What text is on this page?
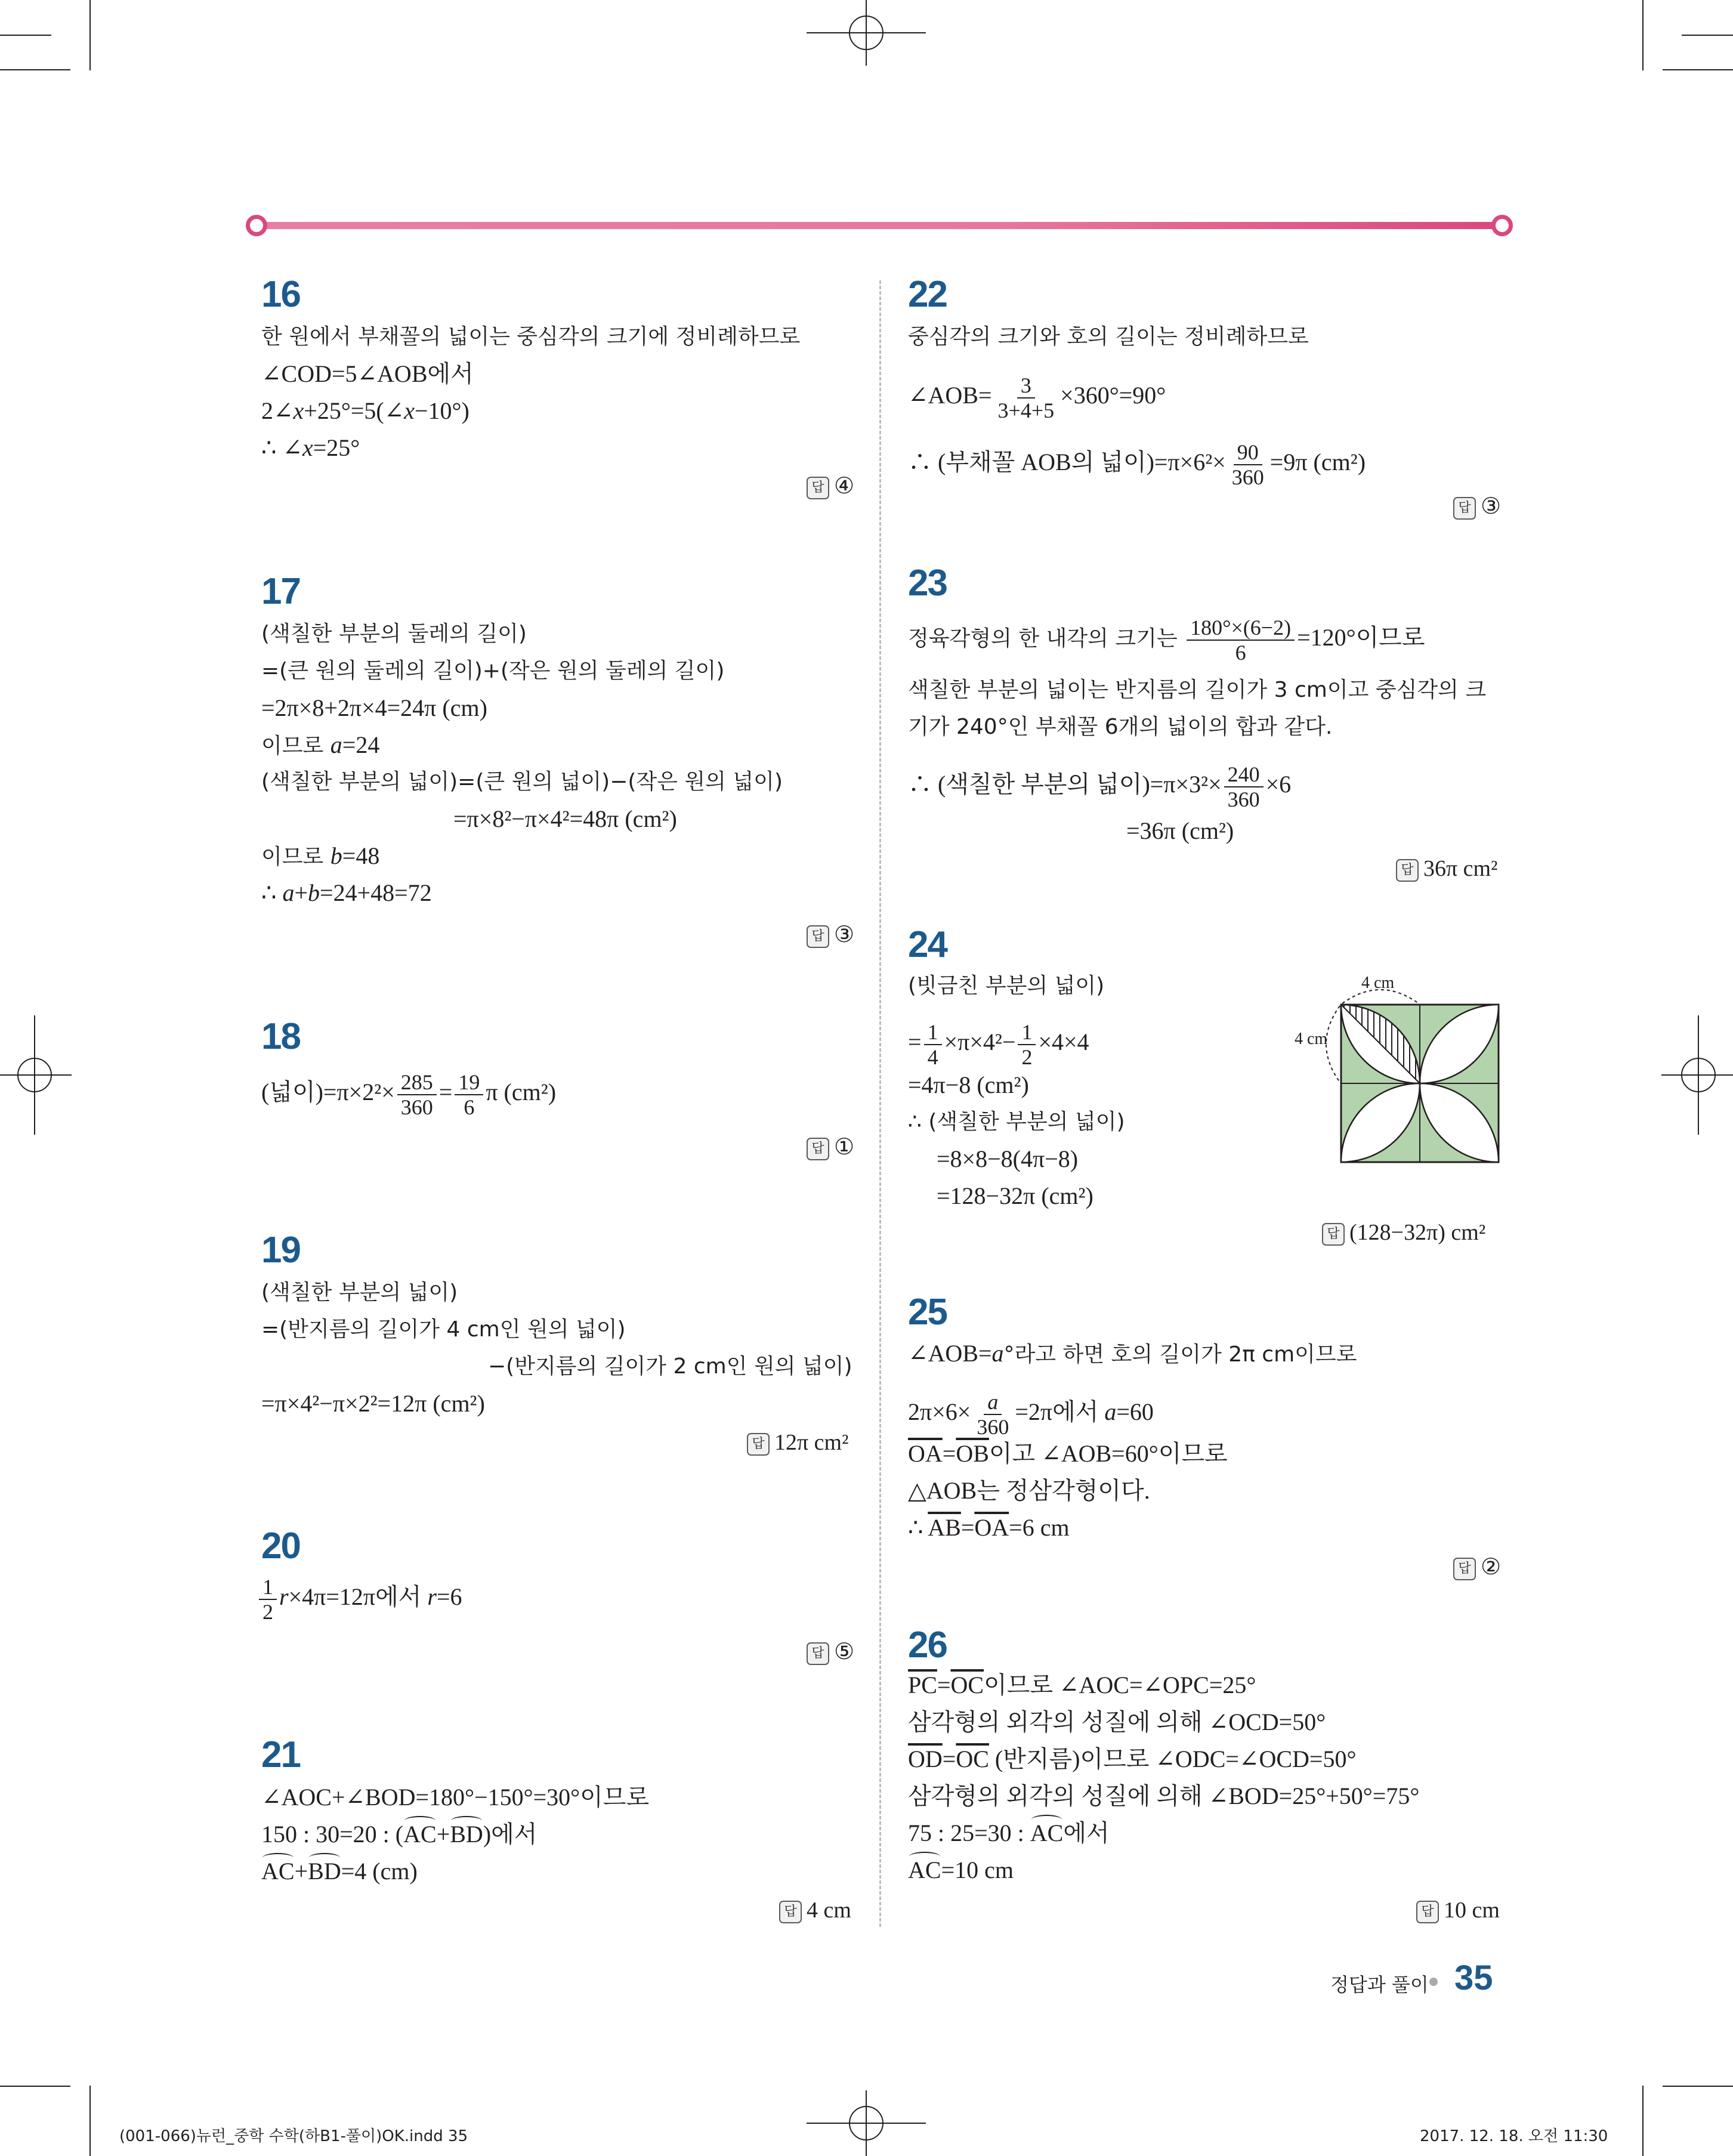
16
한 원에서 부채꼴의 넓이는 중심각의 크기에 정비례하므로
∠COD=5∠AOB에서
2∠x+25°=5(∠x−10°)
∴ ∠x=25°
답 ④
17
(색칠한 부분의 둘레의 길이)
=(큰 원의 둘레의 길이)+(작은 원의 둘레의 길이)
=2π×8+2π×4=24π (cm)
이므로 a=24
(색칠한 부분의 넓이)=(큰 원의 넓이)−(작은 원의 넓이)
=π×8²−π×4²=48π (cm²)
이므로 b=48
∴ a+b=24+48=72
답 ③
18
(넓이)$=\pi\times 2^2\times \frac{285}{360} = \frac{19}{6}$ π (cm²)
답 ①
19
(색칠한 부분의 넓이)
=(반지름의 길이가 4 cm인 원의 넓이)
−(반지름의 길이가 2 cm인 원의 넓이)
=π×4²−π×2²=12π (cm²)
답 12π cm²
20
$\frac{1}{2} r\times 4\pi=12\pi$에서 r=6
답 ⑤
21
∠AOC+∠BOD=180°−150°=30°이므로
150 : 30=20 : (AC+BD)에서
AC+BD=4 (cm)
답 4 cm
22
중심각의 크기와 호의 길이는 정비례하므로
∠AOB= $\frac{3}{3+4+5} \times 360^\circ=90^\circ$
∴ (부채꼴 AOB의 넓이)$=\pi\times 6^2\times \frac{90}{360} =9\pi$ (cm²)
답 ③
23
정육각형의 한 내각의 크기는 $\frac{180^\circ\times(6-2)}{6} =120^\circ$이므로
색칠한 부분의 넓이는 반지름의 길이가 3 cm이고 중심각의 크
기가 240°인 부채꼴 6개의 넓이의 합과 같다.
∴ (색칠한 부분의 넓이)$=\pi\times 3^2\times \frac{240}{360} \times 6$
=36π (cm²)
답 36π cm²
24
(빗금친 부분의 넓이)
= $\frac{1}{4} \times\pi\times 4^2- \frac{1}{2} \times 4\times 4$
=4π−8 (cm²)
∴ (색칠한 부분의 넓이)
=8×8−8(4π−8)
=128−32π (cm²)
4 cm
4 cm
답 (128−32π) cm²
25
∠AOB=a°라고 하면 호의 길이가 2π cm이므로
$2\pi\times 6\times \frac{a}{360} =2\pi$에서 a=60
$\overline{OA}=\overline{OB}$이고 ∠AOB=60°이므로
△AOB는 정삼각형이다.
∴ $\overline{AB}=\overline{OA}=6$ cm
답 ②
26
$\overline{PC}=\overline{OC}$이므로 ∠AOC=∠OPC=25°
삼각형의 외각의 성질에 의해 ∠OCD=50°
$\overline{OD}=\overline{OC}$ (반지름)이므로 ∠ODC=∠OCD=50°
삼각형의 외각의 성질에 의해 ∠BOD=25°+50°=75°
75 : 25=30 : AC에서
AC=10 cm
답 10 cm
정답과 풀이 35
(001-066)뉴런_중학 수학(하B1-풀이)OK.indd 35	2017. 12. 18. 오전 11:30
